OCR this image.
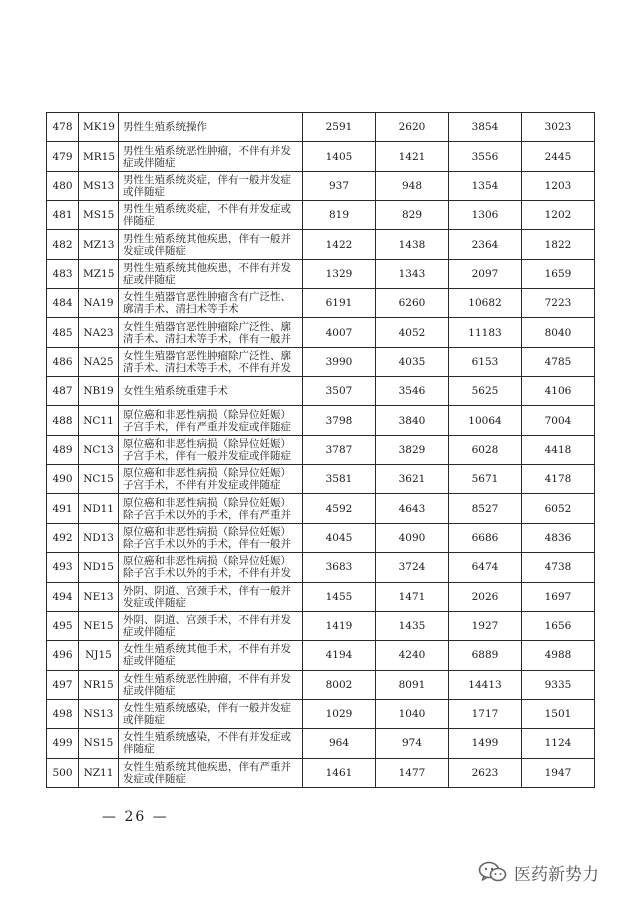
478	MK19	男性生殖系统操作	2591	2620	3854	3023
479	MR15	男性生殖系统恶性肿瘤，不伴有并发症或伴随症	1405	1421	3556	2445
480	MS13	男性生殖系统炎症，伴有一般并发症或伴随症	937	948	1354	1203
481	MS15	男性生殖系统炎症，不伴有并发症或伴随症	819	829	1306	1202
482	MZ13	男性生殖系统其他疾患，伴有一般并发症或伴随症	1422	1438	2364	1822
483	MZ15	男性生殖系统其他疾患，不伴有并发症或伴随症	1329	1343	2097	1659
484	NA19	女性生殖器官恶性肿瘤含有广泛性、廓清手术、清扫术等手术	6191	6260	10682	7223
485	NA23	女性生殖器官恶性肿瘤除广泛性、廓清手术、清扫术等手术，伴有一般并	4007	4052	11183	8040
486	NA25	女性生殖器官恶性肿瘤除广泛性、廓清手术、清扫术等手术，不伴有并发	3990	4035	6153	4785
487	NB19	女性生殖系统重建手术	3507	3546	5625	4106
488	NC11	原位癌和非恶性病损（除异位妊娠）子宫手术，伴有严重并发症或伴随症	3798	3840	10064	7004
489	NC13	原位癌和非恶性病损（除异位妊娠）子宫手术，伴有一般并发症或伴随症	3787	3829	6028	4418
490	NC15	原位癌和非恶性病损（除异位妊娠）子宫手术，不伴有并发症或伴随症	3581	3621	5671	4178
491	ND11	原位癌和非恶性病损（除异位妊娠）除子宫手术以外的手术，伴有严重并	4592	4643	8527	6052
492	ND13	原位癌和非恶性病损（除异位妊娠）除子宫手术以外的手术，伴有一般并	4045	4090	6686	4836
493	ND15	原位癌和非恶性病损（除异位妊娠）除子宫手术以外的手术，不伴有并发	3683	3724	6474	4738
494	NE13	外阴、阴道、宫颈手术，伴有一般并发症或伴随症	1455	1471	2026	1697
495	NE15	外阴、阴道、宫颈手术，不伴有并发症或伴随症	1419	1435	1927	1656
496	NJ15	女性生殖系统其他手术，不伴有并发症或伴随症	4194	4240	6889	4988
497	NR15	女性生殖系统恶性肿瘤，不伴有并发症或伴随症	8002	8091	14413	9335
498	NS13	女性生殖系统感染，伴有一般并发症或伴随症	1029	1040	1717	1501
499	NS15	女性生殖系统感染，不伴有并发症或伴随症	964	974	1499	1124
500	NZ11	女性生殖系统其他疾患，伴有严重并发症或伴随症	1461	1477	2623	1947
— 26 —
医药新势力
